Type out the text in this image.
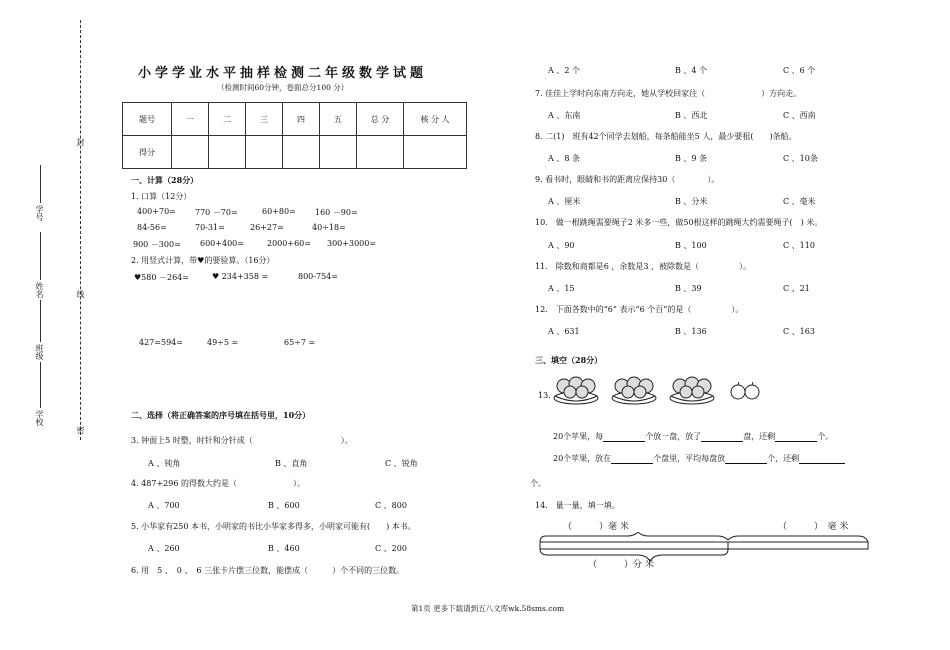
封
线
密
学号
姓名
班级
学校
小学学业水平抽样检测二年级数学试题
（检测时间60分钟，卷面总分100 分）
题号	一	二	三	四	五	总 分	核 分 人
得分							
一、计算（28分）
1. 口算（12分）
400+70= 770 －70=	60+80= 160 －90=
84-56=	70-31=	26+27=	40÷18=
900 －300= 600+400=	2000+60= 300+3000=
2. 用竖式计算，带♥的要验算。（16分）
♥580 －264=	♥ 234+358 =	800-754=
427=594=	49÷5 =	65÷7 =
二、选择（将正确答案的序号填在括号里，10分）
3. 钟面上5 时整，时针和分针成（　　　　　　　　　　　）。
A 、钝角	B 、直角	C 、锐角
4. 487+296 的得数大约是（　　　　　　　）。
A 、700	B 、600	C 、800
5. 小华家有250 本书，小明家的书比小华家多得多，小明家可能有(　　) 本书。
A 、260	B 、460	C 、200
6. 用　5 、　0 、　6 三张卡片摆三位数，能摆成（　　　）个不同的三位数。
A 、2 个	B 、4 个	C 、6 个
7. 佳佳上学时向东南方向走，她从学校回家往（　　　　　　　）方向走。
A 、东南	B 、西北	C 、西南
8. 二(1)　班有42个同学去划船，每条船能坐5 人，最少要租(　　)条船。
A 、8 条	B 、9 条	C 、10条
9. 看书时，眼睛和书的距离应保持30（　　　　）。
A 、厘米	B 、分米	C 、毫米
10.　做一根跳绳需要绳子2 米多一些，做50根这样的跳绳大约需要绳子(　) 米。
A 、90	B 、100	C 、110
11.　除数和商都是6 ，余数是3 ，被除数是（　　　　　）。
A 、15	B 、39	C 、21
12.　下面各数中的“6” 表示“6 个百”的是（　　　　　）。
A 、631	B 、136	C 、163
三、填空（28分）
13.
20个苹果，每	个放一盘，放了	盘，还剩	个。
20个苹果，放在	个盘里，平均每盘放	个，还剩
个。
14.　量一量，填一填。
（　　　）毫 米	（　　　）　毫 米
（　　　）分 米
第1页 更多下载请到五八文库wk.58sms.com
